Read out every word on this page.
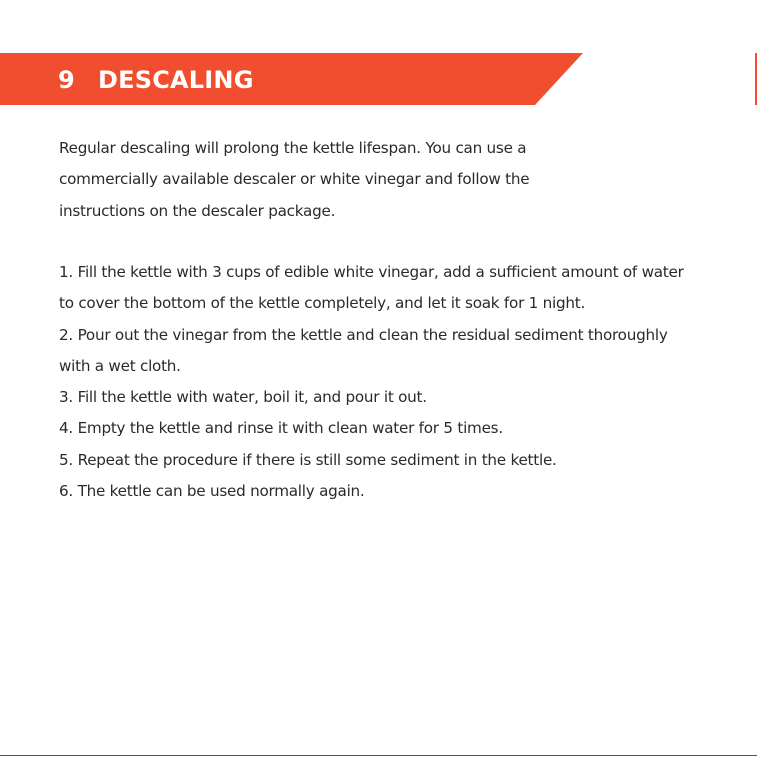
9 DESCALING

Regular descaling will prolong the kettle lifespan. You can use a commercially available descaler or white vinegar and follow the instructions on the descaler package.

1. Fill the kettle with 3 cups of edible white vinegar, add a sufficient amount of water to cover the bottom of the kettle completely, and let it soak for 1 night.
2. Pour out the vinegar from the kettle and clean the residual sediment thoroughly with a wet cloth.
3. Fill the kettle with water, boil it, and pour it out.
4. Empty the kettle and rinse it with clean water for 5 times.
5. Repeat the procedure if there is still some sediment in the kettle.
6. The kettle can be used normally again.
